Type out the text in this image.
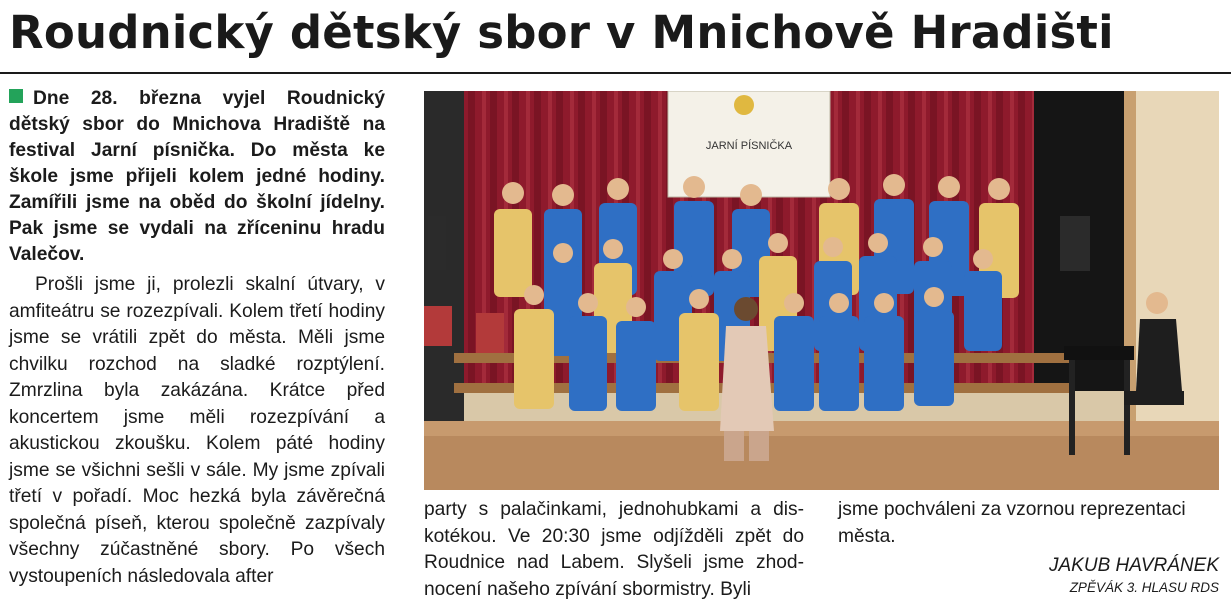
Roudnický dětský sbor v Mnichově Hradišti

Dne 28. března vyjel Roudnický dětský sbor do Mnichova Hradiště na festival Jarní písnička. Do města ke škole jsme přijeli kolem jedné hodiny. Zamířili jsme na oběd do školní jídelny. Pak jsme se vydali na zříceninu hradu Valečov.

Prošli jsme ji, prolezli skalní útvary, v amfiteátru se rozezpívali. Kolem třetí hodiny jsme se vrátili zpět do města. Měli jsme chvilku rozchod na sladké rozptýlení. Zmrzlina byla zakázána. Krátce před koncertem jsme měli rozezpívání a akustickou zkoušku. Kolem páté hodiny jsme se všichni sešli v sále. My jsme zpívali třetí v pořadí. Moc hezká byla závěrečná společná píseň, kterou společně zazpívaly všechny zúčastněné sbory. Po všech vystoupeních následovala after

JARNÍ PÍSNIČKA

party s palačinkami, jednohubkami a diskotékou. Ve 20:30 jsme odjížděli zpět do Roudnice nad Labem. Slyšeli jsme zhodnocení našeho zpívání sbormistry. Byli

jsme pochváleni za vzornou reprezentaci města.

JAKUB HAVRÁNEK

ZPĚVÁK 3. HLASU RDS
